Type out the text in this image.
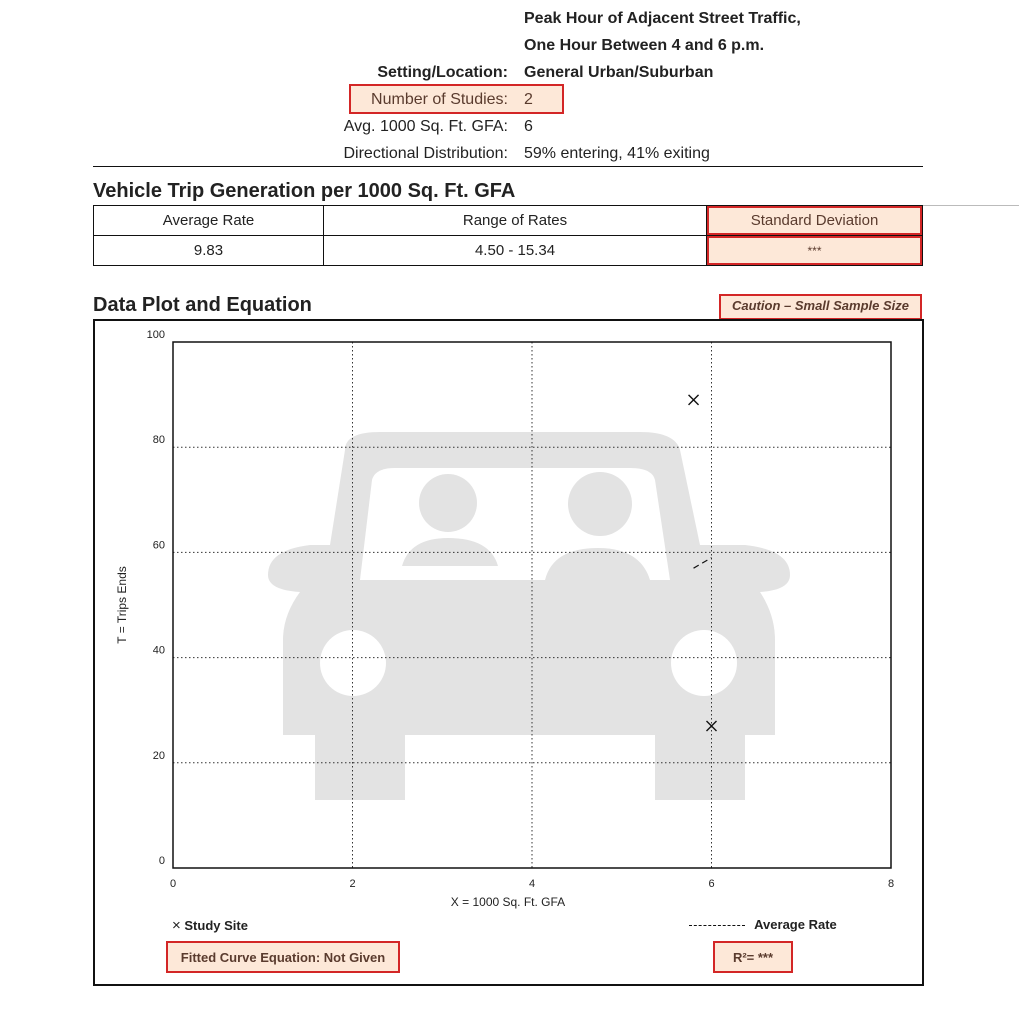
Peak Hour of Adjacent Street Traffic,
One Hour Between 4 and 6 p.m.
Setting/Location: General Urban/Suburban
Number of Studies: 2
Avg. 1000 Sq. Ft. GFA: 6
Directional Distribution: 59% entering, 41% exiting
Vehicle Trip Generation per 1000 Sq. Ft. GFA
Average Rate	Range of Rates	Standard Deviation
9.83	4.50 - 15.34	***
Data Plot and Equation	Caution – Small Sample Size
0	2	4	6	8
0
20
40
60
80
100
X = 1000 Sq. Ft. GFA
T = Trips Ends
× Study Site	Average Rate
Fitted Curve Equation: Not Given	R²= ***
